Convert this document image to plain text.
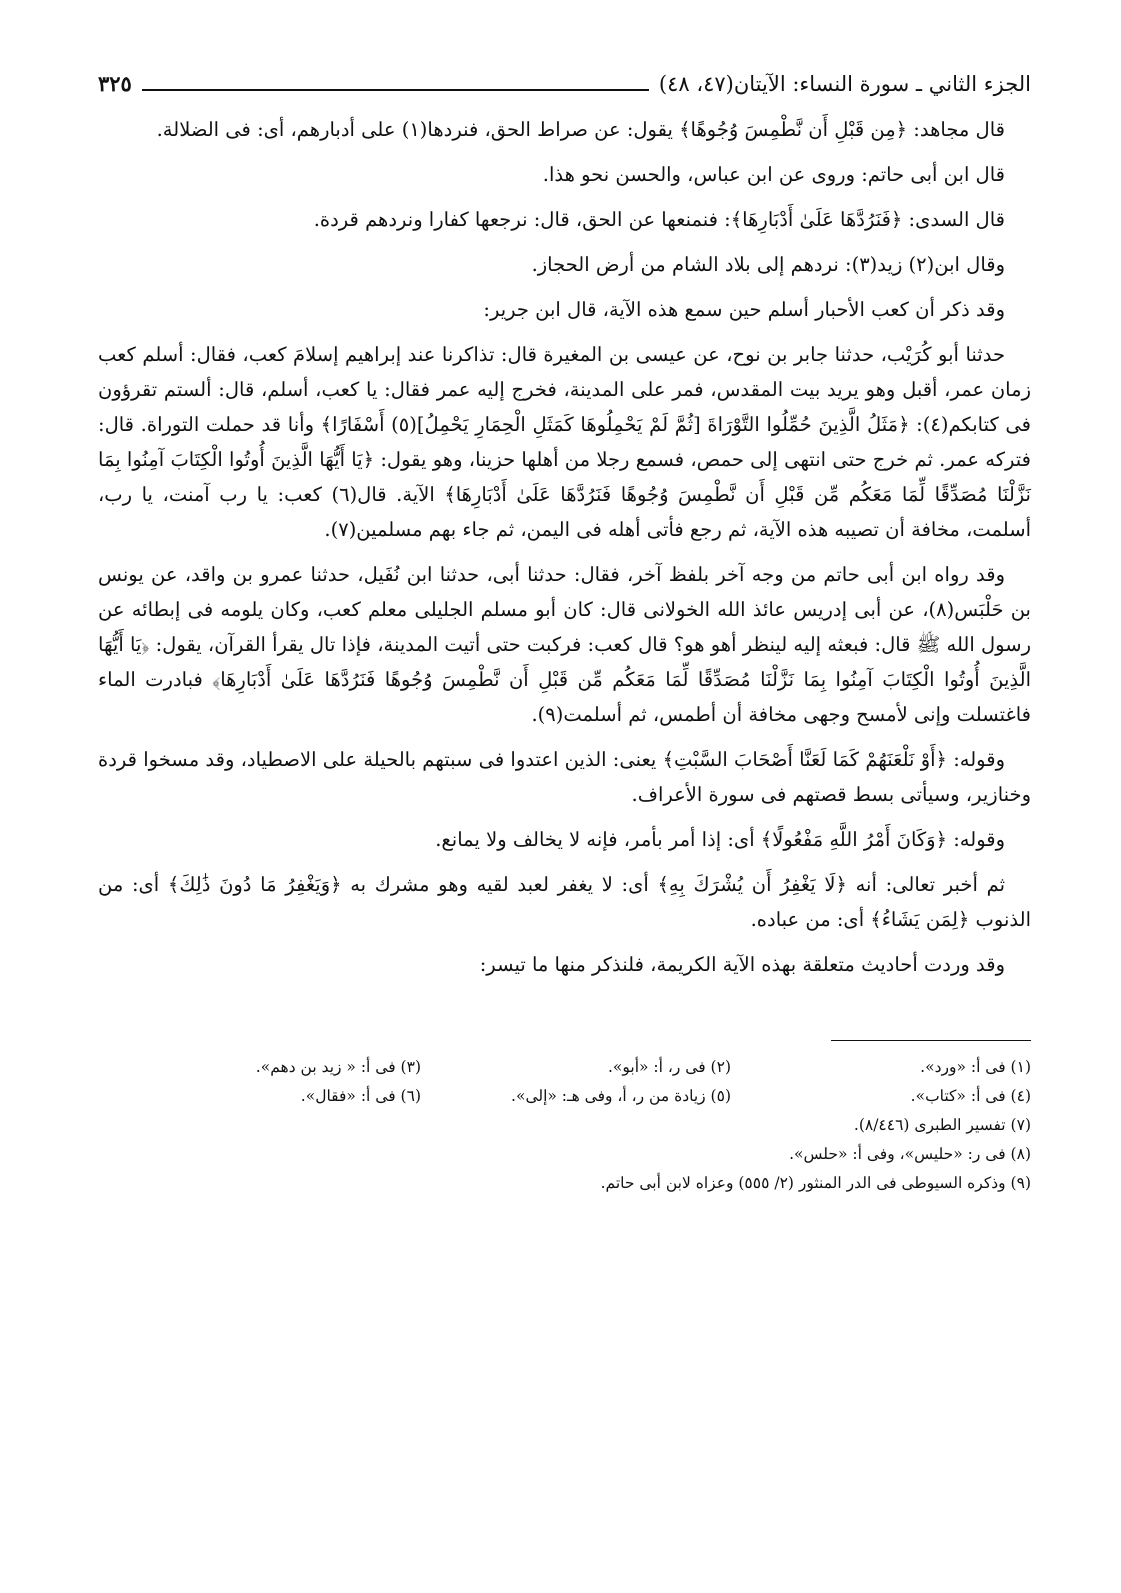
الجزء الثاني ـ سورة النساء: الآيتان(٤٧، ٤٨)
٣٢٥

قال مجاهد: ﴿مِن قَبْلِ أَن نَّطْمِسَ وُجُوهًا﴾ يقول: عن صراط الحق، فنردها(١) على أدبارهم، أى: فى الضلالة.

قال ابن أبى حاتم: وروى عن ابن عباس، والحسن نحو هذا.

قال السدى: ﴿فَنَرُدَّهَا عَلَىٰ أَدْبَارِهَا﴾: فنمنعها عن الحق، قال: نرجعها كفارا ونردهم قردة.

وقال ابن(٢) زيد(٣): نردهم إلى بلاد الشام من أرض الحجاز.

وقد ذكر أن كعب الأحبار أسلم حين سمع هذه الآية، قال ابن جرير:

حدثنا أبو كُرَيْب، حدثنا جابر بن نوح، عن عيسى بن المغيرة قال: تذاكرنا عند إبراهيم إسلامَ كعب، فقال: أسلم كعب زمان عمر، أقبل وهو يريد بيت المقدس، فمر على المدينة، فخرج إليه عمر فقال: يا كعب، أسلم، قال: ألستم تقرؤون فى كتابكم(٤): ﴿مَثَلُ الَّذِينَ حُمِّلُوا التَّوْرَاةَ [ثُمَّ لَمْ يَحْمِلُوهَا كَمَثَلِ الْحِمَارِ يَحْمِلُ](٥) أَسْفَارًا﴾ وأنا قد حملت التوراة. قال: فتركه عمر. ثم خرج حتى انتهى إلى حمص، فسمع رجلا من أهلها حزينا، وهو يقول: ﴿يَا أَيُّهَا الَّذِينَ أُوتُوا الْكِتَابَ آمِنُوا بِمَا نَزَّلْنَا مُصَدِّقًا لِّمَا مَعَكُم مِّن قَبْلِ أَن نَّطْمِسَ وُجُوهًا فَنَرُدَّهَا عَلَىٰ أَدْبَارِهَا﴾ الآية. قال(٦) كعب: يا رب آمنت، يا رب، أسلمت، مخافة أن تصيبه هذه الآية، ثم رجع فأتى أهله فى اليمن، ثم جاء بهم مسلمين(٧).

وقد رواه ابن أبى حاتم من وجه آخر بلفظ آخر، فقال: حدثنا أبى، حدثنا ابن نُفَيل، حدثنا عمرو بن واقد، عن يونس بن حَلْبَس(٨)، عن أبى إدريس عائذ الله الخولانى قال: كان أبو مسلم الجليلى معلم كعب، وكان يلومه فى إبطائه عن رسول الله ﷺ قال: فبعثه إليه لينظر أهو هو؟ قال كعب: فركبت حتى أتيت المدينة، فإذا تال يقرأ القرآن، يقول: ﴿يَا أَيُّهَا الَّذِينَ أُوتُوا الْكِتَابَ آمِنُوا بِمَا نَزَّلْنَا مُصَدِّقًا لِّمَا مَعَكُم مِّن قَبْلِ أَن نَّطْمِسَ وُجُوهًا فَنَرُدَّهَا عَلَىٰ أَدْبَارِهَا﴾ فبادرت الماء فاغتسلت وإنى لأمسح وجهى مخافة أن أطمس، ثم أسلمت(٩).

وقوله: ﴿أَوْ نَلْعَنَهُمْ كَمَا لَعَنَّا أَصْحَابَ السَّبْتِ﴾ يعنى: الذين اعتدوا فى سبتهم بالحيلة على الاصطياد، وقد مسخوا قردة وخنازير، وسيأتى بسط قصتهم فى سورة الأعراف.

وقوله: ﴿وَكَانَ أَمْرُ اللَّهِ مَفْعُولًا﴾ أى: إذا أمر بأمر، فإنه لا يخالف ولا يمانع.

ثم أخبر تعالى: أنه ﴿لَا يَغْفِرُ أَن يُشْرَكَ بِهِ﴾ أى: لا يغفر لعبد لقيه وهو مشرك به ﴿وَيَغْفِرُ مَا دُونَ ذَٰلِكَ﴾ أى: من الذنوب ﴿لِمَن يَشَاءُ﴾ أى: من عباده.

وقد وردت أحاديث متعلقة بهذه الآية الكريمة، فلنذكر منها ما تيسر:

(١) فى أ: «ورد».
(٢) فى ر، أ: «أبو».
(٣) فى أ: « زيد بن دهم».
(٤) فى أ: «كتاب».
(٥) زيادة من ر، أ، وفى هـ: «إلى».
(٦) فى أ: «فقال».
(٧) تفسير الطبرى (٨/٤٤٦).
(٨) فى ر: «حليس»، وفى أ: «حلس».
(٩) وذكره السيوطى فى الدر المنثور (٢/ ٥٥٥) وعزاه لابن أبى حاتم.
